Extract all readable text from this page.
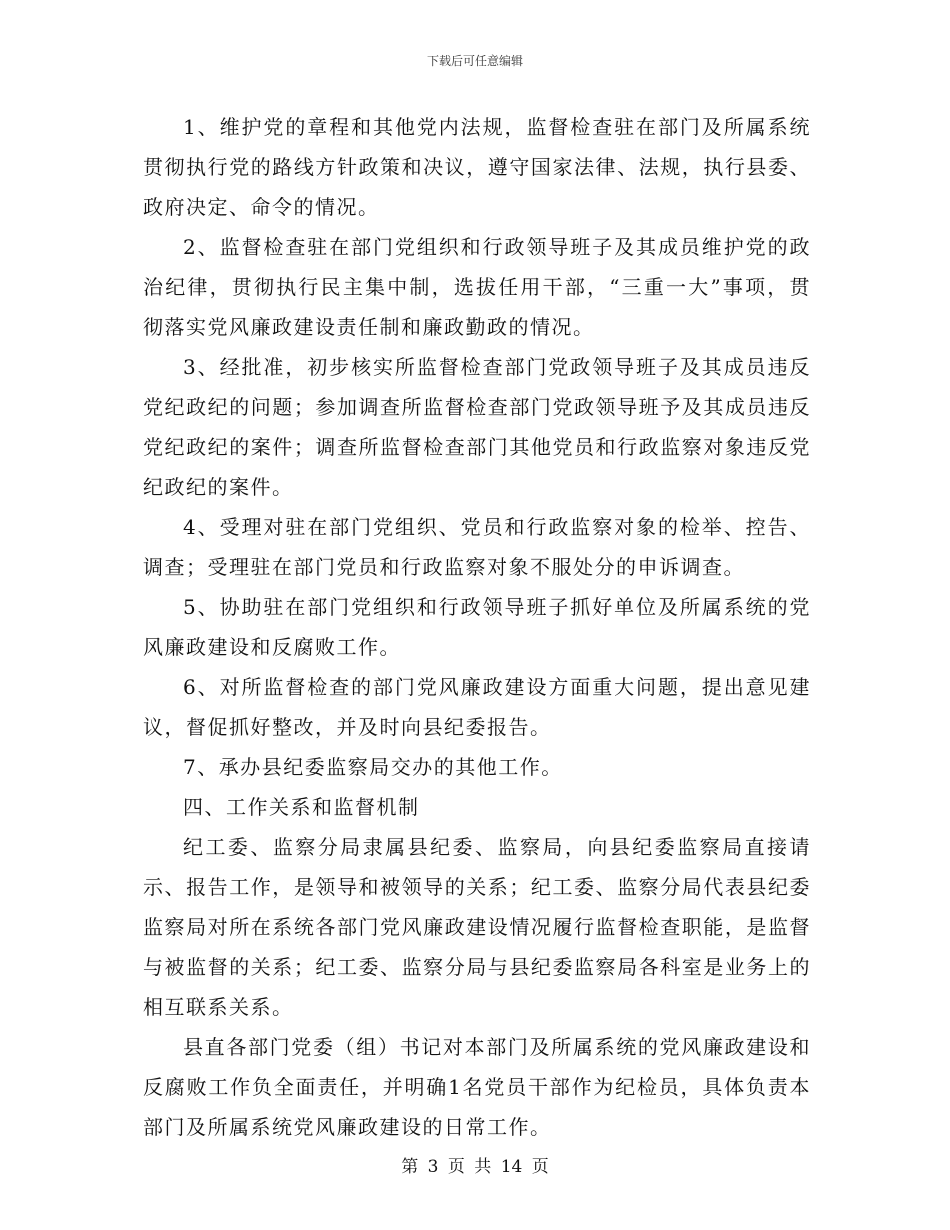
下载后可任意编辑

1、维护党的章程和其他党内法规，监督检查驻在部门及所属系统贯彻执行党的路线方针政策和决议，遵守国家法律、法规，执行县委、政府决定、命令的情况。

2、监督检查驻在部门党组织和行政领导班子及其成员维护党的政治纪律，贯彻执行民主集中制，选拔任用干部，“三重一大”事项，贯彻落实党风廉政建设责任制和廉政勤政的情况。

3、经批准，初步核实所监督检查部门党政领导班子及其成员违反党纪政纪的问题；参加调查所监督检查部门党政领导班予及其成员违反党纪政纪的案件；调查所监督检查部门其他党员和行政监察对象违反党纪政纪的案件。

4、受理对驻在部门党组织、党员和行政监察对象的检举、控告、调查；受理驻在部门党员和行政监察对象不服处分的申诉调查。

5、协助驻在部门党组织和行政领导班子抓好单位及所属系统的党风廉政建设和反腐败工作。

6、对所监督检查的部门党风廉政建设方面重大问题，提出意见建议，督促抓好整改，并及时向县纪委报告。

7、承办县纪委监察局交办的其他工作。

四、工作关系和监督机制

纪工委、监察分局隶属县纪委、监察局，向县纪委监察局直接请示、报告工作，是领导和被领导的关系；纪工委、监察分局代表县纪委监察局对所在系统各部门党风廉政建设情况履行监督检查职能，是监督与被监督的关系；纪工委、监察分局与县纪委监察局各科室是业务上的相互联系关系。

县直各部门党委（组）书记对本部门及所属系统的党风廉政建设和反腐败工作负全面责任，并明确1名党员干部作为纪检员，具体负责本部门及所属系统党风廉政建设的日常工作。

第 3 页 共 14 页
